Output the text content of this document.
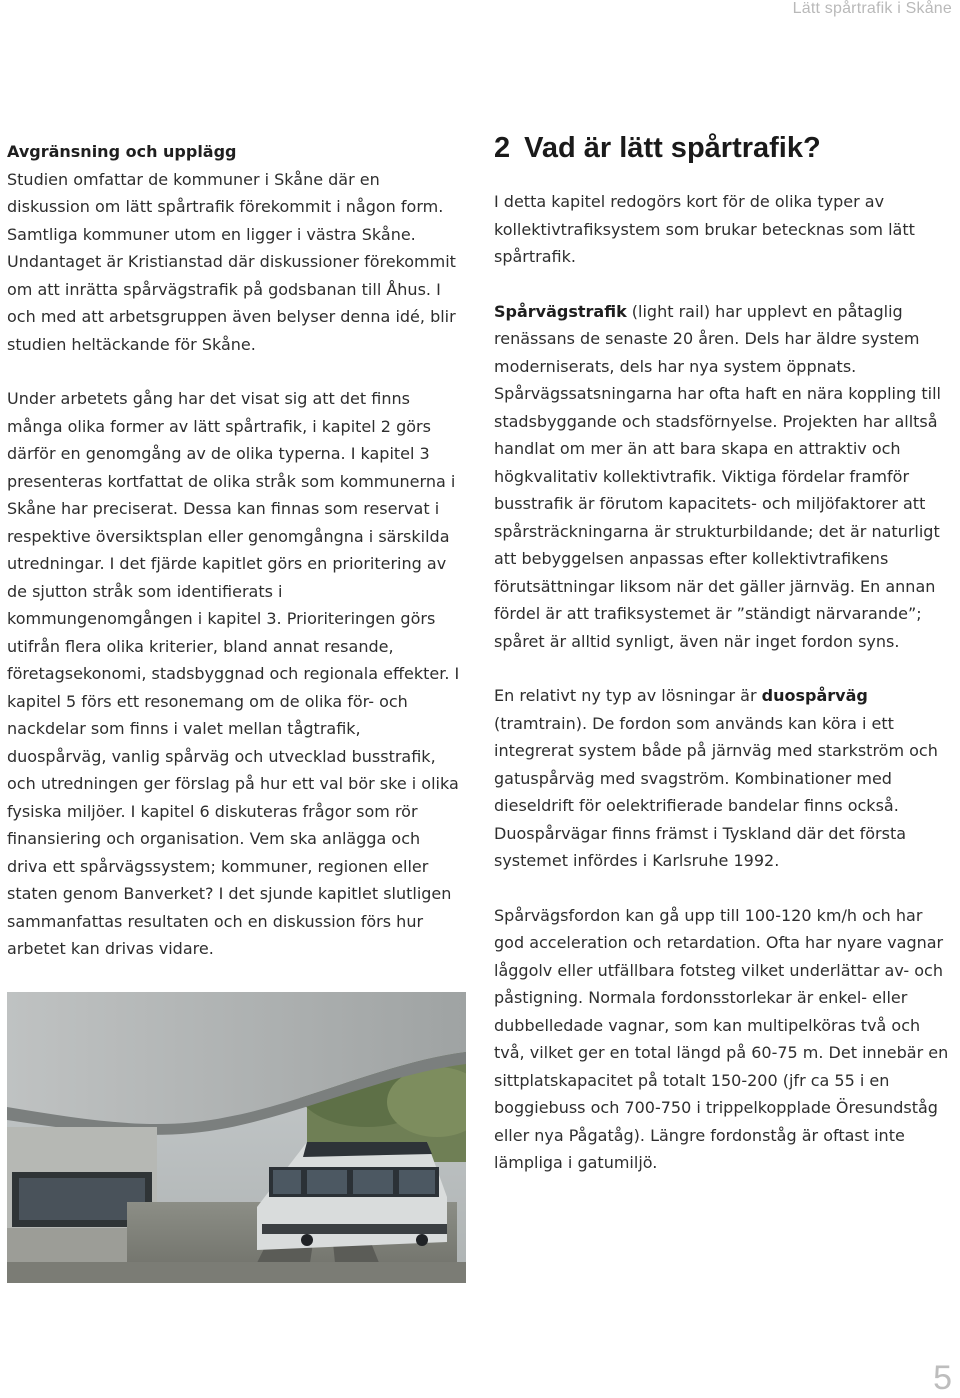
Lätt spårtrafik i Skåne

Avgränsning och upplägg

Studien omfattar de kommuner i Skåne där en diskussion om lätt spårtrafik förekommit i någon form. Samtliga kommuner utom en ligger i västra Skåne. Undantaget är Kristianstad där diskussioner förekommit om att inrätta spårvägstrafik på godsbanan till Åhus. I och med att arbetsgruppen även belyser denna idé, blir studien heltäckande för Skåne.

Under arbetets gång har det visat sig att det finns många olika former av lätt spårtrafik, i kapitel 2 görs därför en genomgång av de olika typerna. I kapitel 3 presenteras kortfattat de olika stråk som kommunerna i Skåne har preciserat. Dessa kan finnas som reservat i respektive översiktsplan eller genomgångna i särskilda utredningar. I det fjärde kapitlet görs en prioritering av de sjutton stråk som identifierats i kommungenomgången i kapitel 3. Prioriteringen görs utifrån flera olika kriterier, bland annat resande, företagsekonomi, stadsbyggnad och regionala effekter. I kapitel 5 förs ett resonemang om de olika för- och nackdelar som finns i valet mellan tågtrafik, duospårväg, vanlig spårväg och utvecklad busstrafik, och utredningen ger förslag på hur ett val bör ske i olika fysiska miljöer. I kapitel 6 diskuteras frågor som rör finansiering och organisation. Vem ska anlägga och driva ett spårvägssystem; kommuner, regionen eller staten genom Banverket? I det sjunde kapitlet slutligen sammanfattas resultaten och en diskussion förs hur arbetet kan drivas vidare.

2 Vad är lätt spårtrafik?

I detta kapitel redogörs kort för de olika typer av kollektivtrafiksystem som brukar betecknas som lätt spårtrafik.

Spårvägstrafik (light rail) har upplevt en påtaglig renässans de senaste 20 åren. Dels har äldre system moderniserats, dels har nya system öppnats. Spårvägssatsningarna har ofta haft en nära koppling till stadsbyggande och stadsförnyelse. Projekten har alltså handlat om mer än att bara skapa en attraktiv och högkvalitativ kollektivtrafik. Viktiga fördelar framför busstrafik är förutom kapacitets- och miljöfaktorer att spårsträckningarna är strukturbildande; det är naturligt att bebyggelsen anpassas efter kollektivtrafikens förutsättningar liksom när det gäller järnväg. En annan fördel är att trafiksystemet är ”ständigt närvarande”; spåret är alltid synligt, även när inget fordon syns.

En relativt ny typ av lösningar är duospårväg (tramtrain). De fordon som används kan köra i ett integrerat system både på järnväg med starkström och gatuspårväg med svagström. Kombinationer med dieseldrift för oelektrifierade bandelar finns också. Duospårvägar finns främst i Tyskland där det första systemet infördes i Karlsruhe 1992.

Spårvägsfordon kan gå upp till 100-120 km/h och har god acceleration och retardation. Ofta har nyare vagnar låggolv eller utfällbara fotsteg vilket underlättar av- och påstigning. Normala fordonsstorlekar är enkel- eller dubbelledade vagnar, som kan multipelköras två och två, vilket ger en total längd på 60-75 m. Det innebär en sittplatskapacitet på totalt 150-200 (jfr ca 55 i en boggiebuss och 700-750 i trippelkopplade Öresundståg eller nya Pågatåg). Längre fordonståg är oftast inte lämpliga i gatumiljö.

5
